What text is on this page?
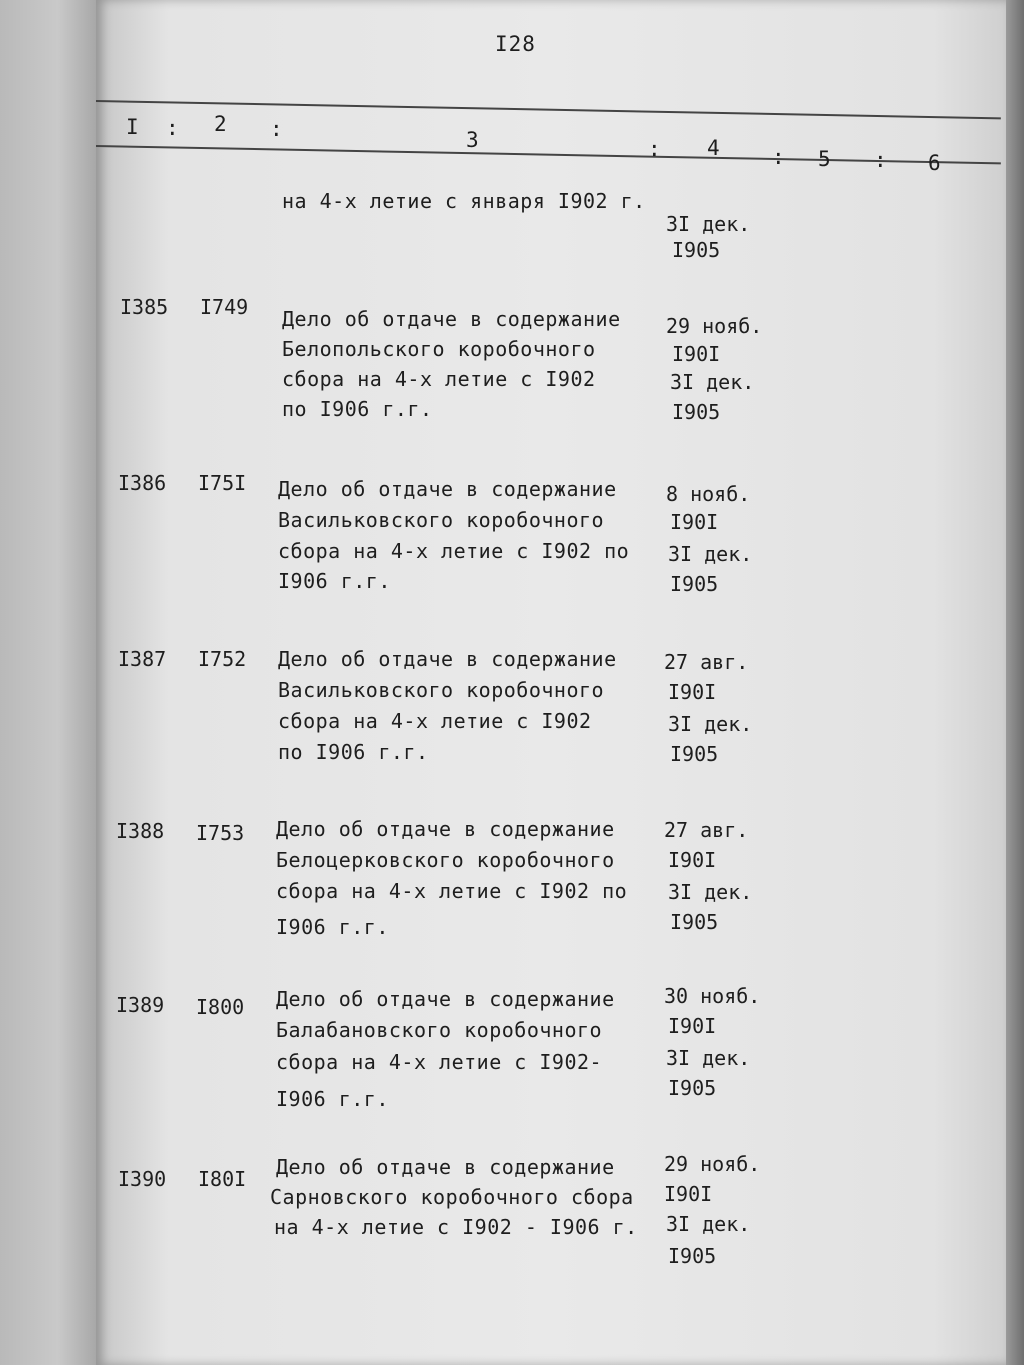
I28
I : 2 :	3	: 4 : 5 : 6
на 4-х летие с января I902 г.
3I дек.
I905
I385 I749 Дело об отдаче в содержание
Белопольского коробочного
сбора на 4-х летие с I902
по I906 г.г.
29 нояб.
I90I
3I дек.
I905
I386 I75I Дело об отдаче в содержание
Васильковского коробочного
сбора на 4-х летие с I902 по
I906 г.г.
8 нояб.
I90I
3I дек.
I905
I387 I752 Дело об отдаче в содержание
Васильковского коробочного
сбора на 4-х летие с I902
по I906 г.г.
27 авг.
I90I
3I дек.
I905
I388 I753 Дело об отдаче в содержание
Белоцерковского коробочного
сбора на 4-х летие с I902 по
I906 г.г.
27 авг.
I90I
3I дек.
I905
I389 I800 Дело об отдаче в содержание
Балабановского коробочного
сбора на 4-х летие с I902-
I906 г.г.
30 нояб.
I90I
3I дек.
I905
I390 I80I Дело об отдаче в содержание
Сарновского коробочного сбора
на 4-х летие с I902 - I906 г.
29 нояб.
I90I
3I дек.
I905
